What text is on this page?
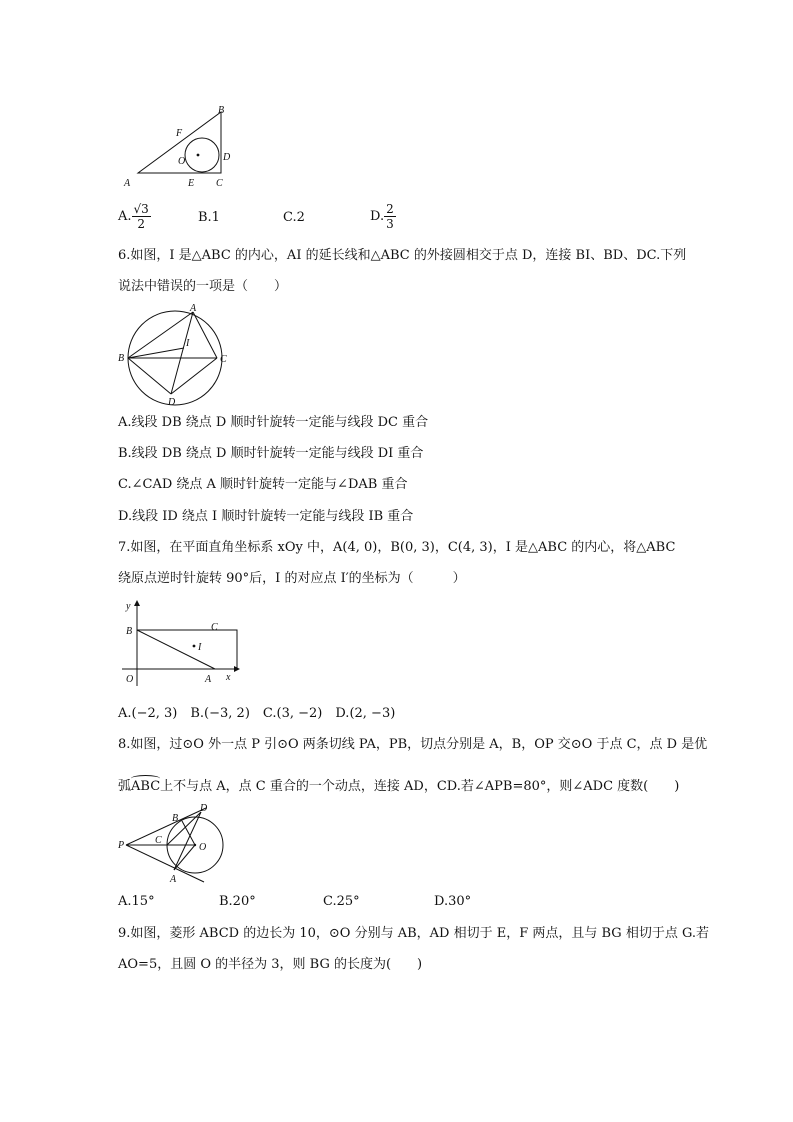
A
B
C
D
E
F
O
A. $\frac{√3}{2}$	B.1	C.2	D. $\frac{2}{3}$
6.如图，I 是△ABC 的内心，AI 的延长线和△ABC 的外接圆相交于点 D，连接 BI、BD、DC.下列
说法中错误的一项是（　　）
A
B	C
D
I
A.线段 DB 绕点 D 顺时针旋转一定能与线段 DC 重合
B.线段 DB 绕点 D 顺时针旋转一定能与线段 DI 重合
C.∠CAD 绕点 A 顺时针旋转一定能与∠DAB 重合
D.线段 ID 绕点 I 顺时针旋转一定能与线段 IB 重合
7.如图，在平面直角坐标系 xOy 中，A(4, 0)，B(0, 3)，C(4, 3)，I 是△ABC 的内心，将△ABC
绕原点逆时针旋转 90°后，I 的对应点 I′的坐标为（　　　）
y
x
B	C
I
O	A
A.(−2, 3)　B.(−3, 2)　C.(3, −2)　D.(2, −3)
8.如图，过⊙O 外一点 P 引⊙O 两条切线 PA，PB，切点分别是 A，B，OP 交⊙O 于点 C，点 D 是优
弧ABC上不与点 A，点 C 重合的一个动点，连接 AD，CD.若∠APB=80°，则∠ADC 度数(　　)
P
B
D
C
O
A
A.15°	B.20°	C.25°	D.30°
9.如图，菱形 ABCD 的边长为 10，⊙O 分别与 AB，AD 相切于 E，F 两点，且与 BG 相切于点 G.若
AO=5，且圆 O 的半径为 3，则 BG 的长度为(　　)
